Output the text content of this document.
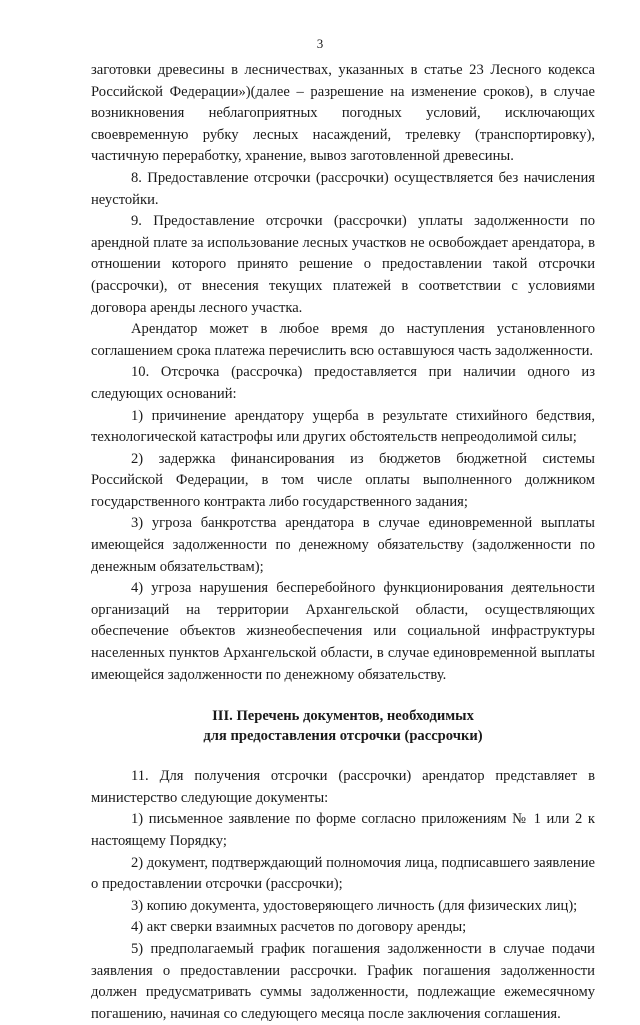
3

заготовки древесины в лесничествах, указанных в статье 23 Лесного кодекса Российской Федерации»)(далее – разрешение на изменение сроков), в случае возникновения неблагоприятных погодных условий, исключающих своевременную рубку лесных насаждений, трелевку (транспортировку), частичную переработку, хранение, вывоз заготовленной древесины.

8. Предоставление отсрочки (рассрочки) осуществляется без начисления неустойки.

9. Предоставление отсрочки (рассрочки) уплаты задолженности по арендной плате за использование лесных участков не освобождает арендатора, в отношении которого принято решение о предоставлении такой отсрочки (рассрочки), от внесения текущих платежей в соответствии с условиями договора аренды лесного участка.

Арендатор может в любое время до наступления установленного соглашением срока платежа перечислить всю оставшуюся часть задолженности.

10. Отсрочка (рассрочка) предоставляется при наличии одного из следующих оснований:

1) причинение арендатору ущерба в результате стихийного бедствия, технологической катастрофы или других обстоятельств непреодолимой силы;

2) задержка финансирования из бюджетов бюджетной системы Российской Федерации, в том числе оплаты выполненного должником государственного контракта либо государственного задания;

3) угроза банкротства арендатора в случае единовременной выплаты имеющейся задолженности по денежному обязательству (задолженности по денежным обязательствам);

4) угроза нарушения бесперебойного функционирования деятельности организаций на территории Архангельской области, осуществляющих обеспечение объектов жизнеобеспечения или социальной инфраструктуры населенных пунктов Архангельской области, в случае единовременной выплаты имеющейся задолженности по денежному обязательству.

III. Перечень документов, необходимых
для предоставления отсрочки (рассрочки)

11. Для получения отсрочки (рассрочки) арендатор представляет в министерство следующие документы:

1) письменное заявление по форме согласно приложениям № 1 или 2 к настоящему Порядку;

2) документ, подтверждающий полномочия лица, подписавшего заявление о предоставлении отсрочки (рассрочки);

3) копию документа, удостоверяющего личность (для физических лиц);

4) акт сверки взаимных расчетов по договору аренды;

5) предполагаемый график погашения задолженности в случае подачи заявления о предоставлении рассрочки. График погашения задолженности должен предусматривать суммы задолженности, подлежащие ежемесячному погашению, начиная со следующего месяца после заключения соглашения.
